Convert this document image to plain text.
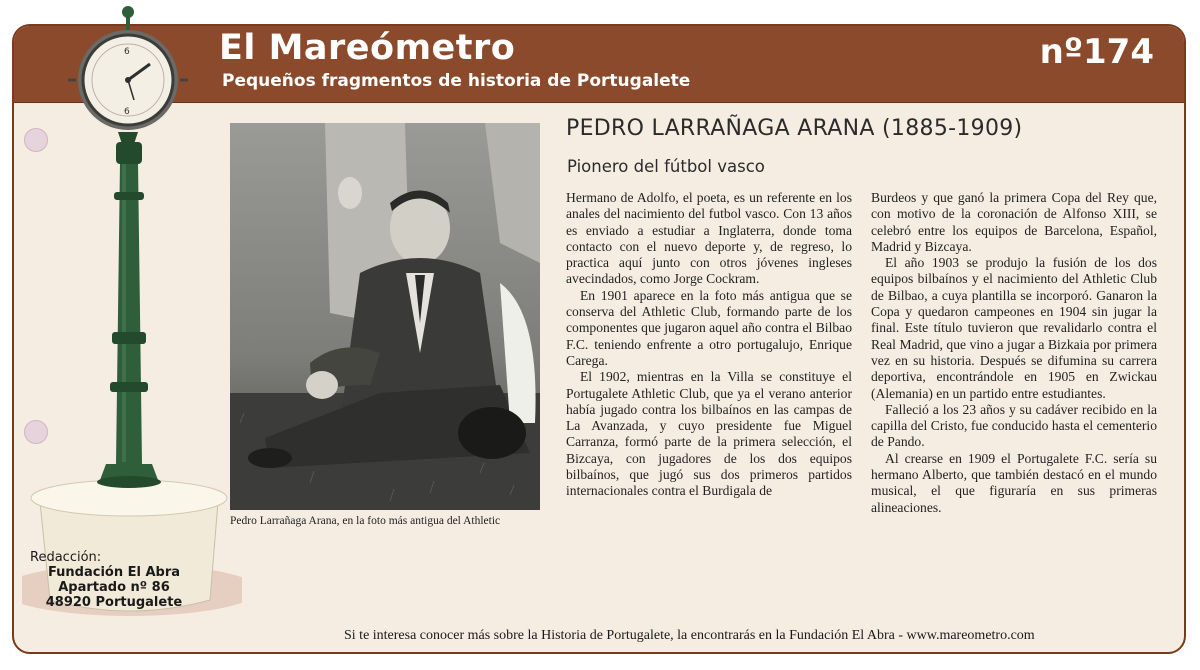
El Mareómetro
Pequeños fragmentos de historia de Portugalete
nº174
6
6
Redacción:
Fundación El Abra
Apartado nº 86
48920 Portugalete
Pedro Larrañaga Arana, en la foto más antigua del Athletic
PEDRO LARRAÑAGA ARANA (1885-1909)
Pionero del fútbol vasco

Hermano de Adolfo, el poeta, es un referente en los anales del nacimiento del futbol vasco. Con 13 años es enviado a estudiar a Inglaterra, donde toma contacto con el nuevo deporte y, de regreso, lo practica aquí junto con otros jóvenes ingleses avecindados, como Jorge Cockram.

En 1901 aparece en la foto más antigua que se conserva del Athletic Club, formando parte de los componentes que jugaron aquel año contra el Bilbao F.C. teniendo enfrente a otro portugalujo, Enrique Carega.

El 1902, mientras en la Villa se constituye el Portugalete Athletic Club, que ya el verano anterior había jugado contra los bilbaínos en las campas de La Avanzada, y cuyo presidente fue Miguel Carranza, formó parte de la primera selección, el Bizcaya, con jugadores de los dos equipos bilbaínos, que jugó sus dos primeros partidos internacionales contra el Burdigala de

Burdeos y que ganó la primera Copa del Rey que, con motivo de la coronación de Alfonso XIII, se celebró entre los equipos de Barcelona, Español, Madrid y Bizcaya.

El año 1903 se produjo la fusión de los dos equipos bilbaínos y el nacimiento del Athletic Club de Bilbao, a cuya plantilla se incorporó. Ganaron la Copa y quedaron campeones en 1904 sin jugar la final. Este título tuvieron que revalidarlo contra el Real Madrid, que vino a jugar a Bizkaia por primera vez en su historia. Después se difumina su carrera deportiva, encontrándole en 1905 en Zwickau (Alemania) en un partido entre estudiantes.

Falleció a los 23 años y su cadáver recibido en la capilla del Cristo, fue conducido hasta el cementerio de Pando.

Al crearse en 1909 el Portugalete F.C. sería su hermano Alberto, que también destacó en el mundo musical, el que figuraría en sus primeras alineaciones.

Si te interesa conocer más sobre la Historia de Portugalete, la encontrarás en la Fundación El Abra - www.mareometro.com
